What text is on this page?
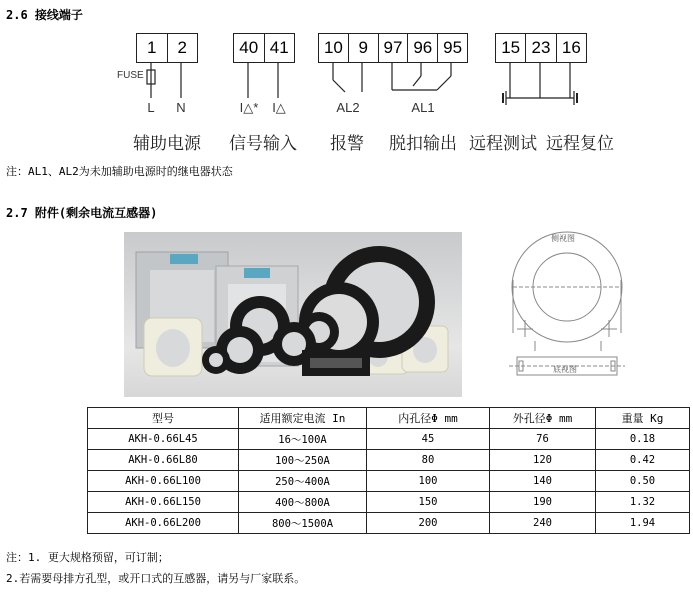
2.6 接线端子
1	2	40 41	10 9 97 96 95	15 23 16
FUSE
L N	I△*	I△	AL2	AL1
辅助电源 信号输入 报警 脱扣输出 远程测试 远程复位
注：AL1、AL2为未加辅助电源时的继电器状态
2.7 附件(剩余电流互感器)
侧视图
底视图
型号	适用额定电流 In	内孔径Φ mm	外孔径Φ mm	重量 Kg
AKH-0.66L45	16～100A	45	76	0.18
AKH-0.66L80	100～250A	80	120	0.42
AKH-0.66L100	250～400A	100	140	0.50
AKH-0.66L150	400～800A	150	190	1.32
AKH-0.66L200	800～1500A	200	240	1.94
注：1. 更大规格预留，可订制；
2.若需要母排方孔型，或开口式的互感器，请另与厂家联系。
